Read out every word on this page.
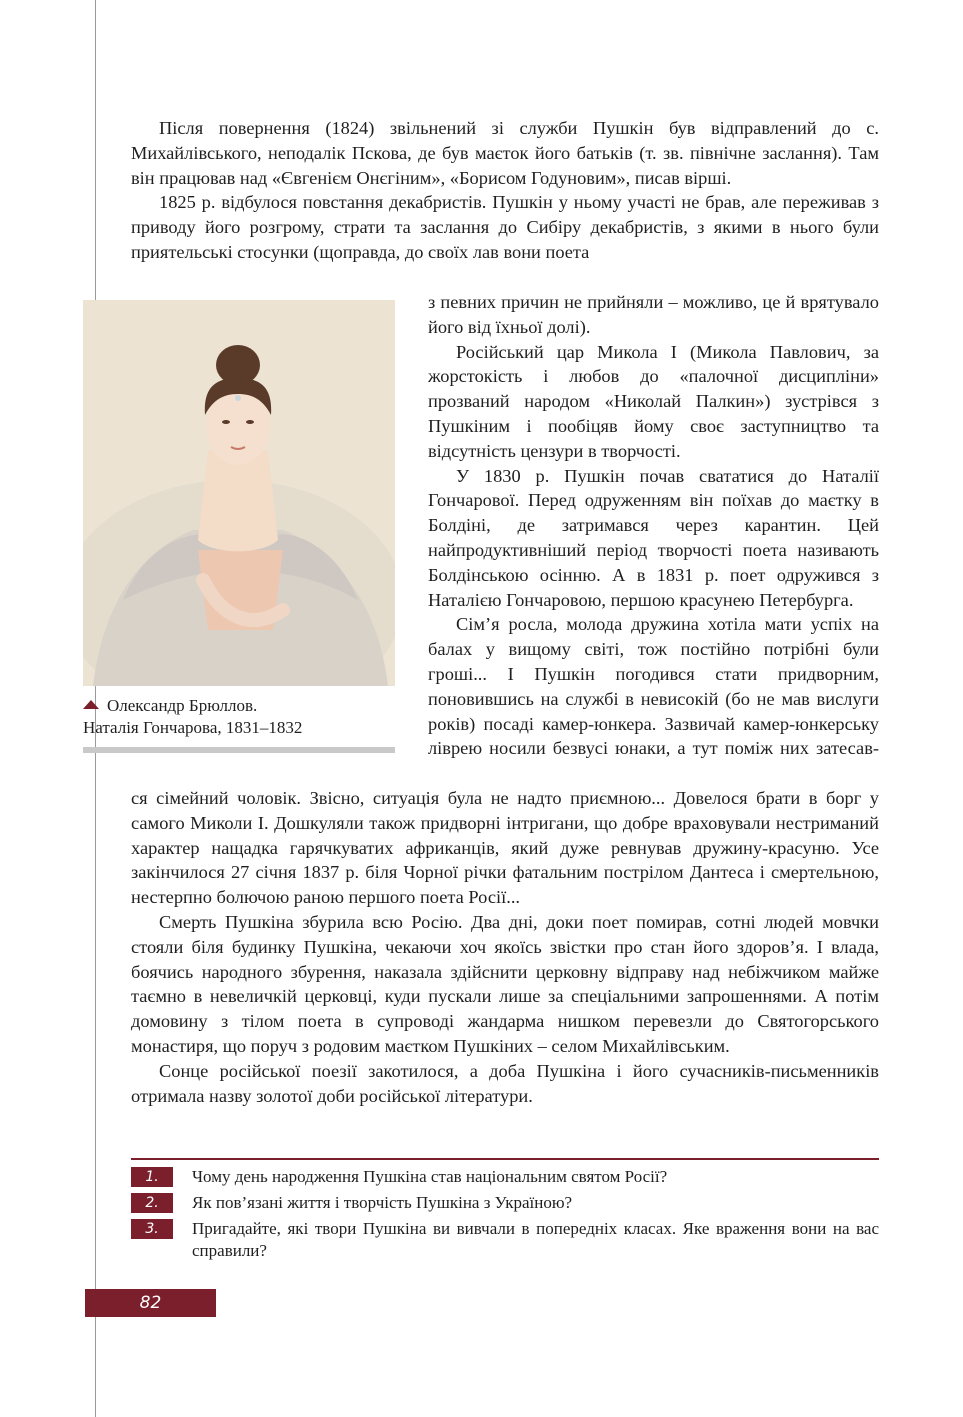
Після повернення (1824) звільнений зі служби Пушкін був відправлений до с. Михайлівського, неподалік Пскова, де був маєток його батьків (т. зв. північне заслання). Там він працював над «Євгенієм Онєгіним», «Борисом Годуновим», писав вірші.

1825 р. відбулося повстання декабристів. Пушкін у ньому участі не брав, але переживав з приводу його розгрому, страти та заслання до Сибіру декабристів, з якими в нього були приятельські стосунки (щоправда, до своїх лав вони поета

Олександр Брюллов.
Наталія Гончарова, 1831–1832

з певних причин не прийняли – можливо, це й врятувало його від їхньої долі).

Російський цар Микола I (Микола Павлович, за жорстокість і любов до «палочної дисципліни» прозваний народом «Николай Палкин») зустрівся з Пушкіним і пообіцяв йому своє заступництво та відсутність цензури в творчості.

У 1830 р. Пушкін почав свататися до Наталії Гончарової. Перед одруженням він поїхав до маєтку в Болдіні, де затримався через карантин. Цей найпродуктивніший період творчості поета називають Болдінською осінню. А в 1831 р. поет одружився з Наталією Гончаровою, першою красунею Петербурга.

Сім’я росла, молода дружина хотіла мати успіх на балах у вищому світі, тож постійно потрібні були гроші... І Пушкін погодився стати придворним, поновившись на службі в невисокій (бо не мав вислуги років) посаді камер-юнкера. Зазвичай камер-юнкерську ліврею носили безвусі юнаки, а тут поміж них затесав-

ся сімейний чоловік. Звісно, ситуація була не надто приємною... Довелося брати в борг у самого Миколи I. Дошкуляли також придворні інтригани, що добре враховували нестриманий характер нащадка гарячкуватих африканців, який дуже ревнував дружину-красуню. Усе закінчилося 27 січня 1837 р. біля Чорної річки фатальним пострілом Дантеса і смертельною, нестерпно болючою раною першого поета Росії...

Смерть Пушкіна збурила всю Росію. Два дні, доки поет помирав, сотні людей мовчки стояли біля будинку Пушкіна, чекаючи хоч якоїсь звістки про стан його здоров’я. І влада, боячись народного збурення, наказала здійснити церковну відправу над небіжчиком майже таємно в невеличкій церковці, куди пускали лише за спеціальними запрошеннями. А потім домовину з тілом поета в супроводі жандарма нишком перевезли до Святогорського монастиря, що поруч з родовим маєтком Пушкіних – селом Михайлівським.

Сонце російської поезії закотилося, а доба Пушкіна і його сучасників-письменників отримала назву золотої доби російської літератури.

1.	Чому день народження Пушкіна став національним святом Росії?
2.	Як пов’язані життя і творчість Пушкіна з Україною?
3.	Пригадайте, які твори Пушкіна ви вивчали в попередніх класах. Яке враження вони на вас справили?
82
